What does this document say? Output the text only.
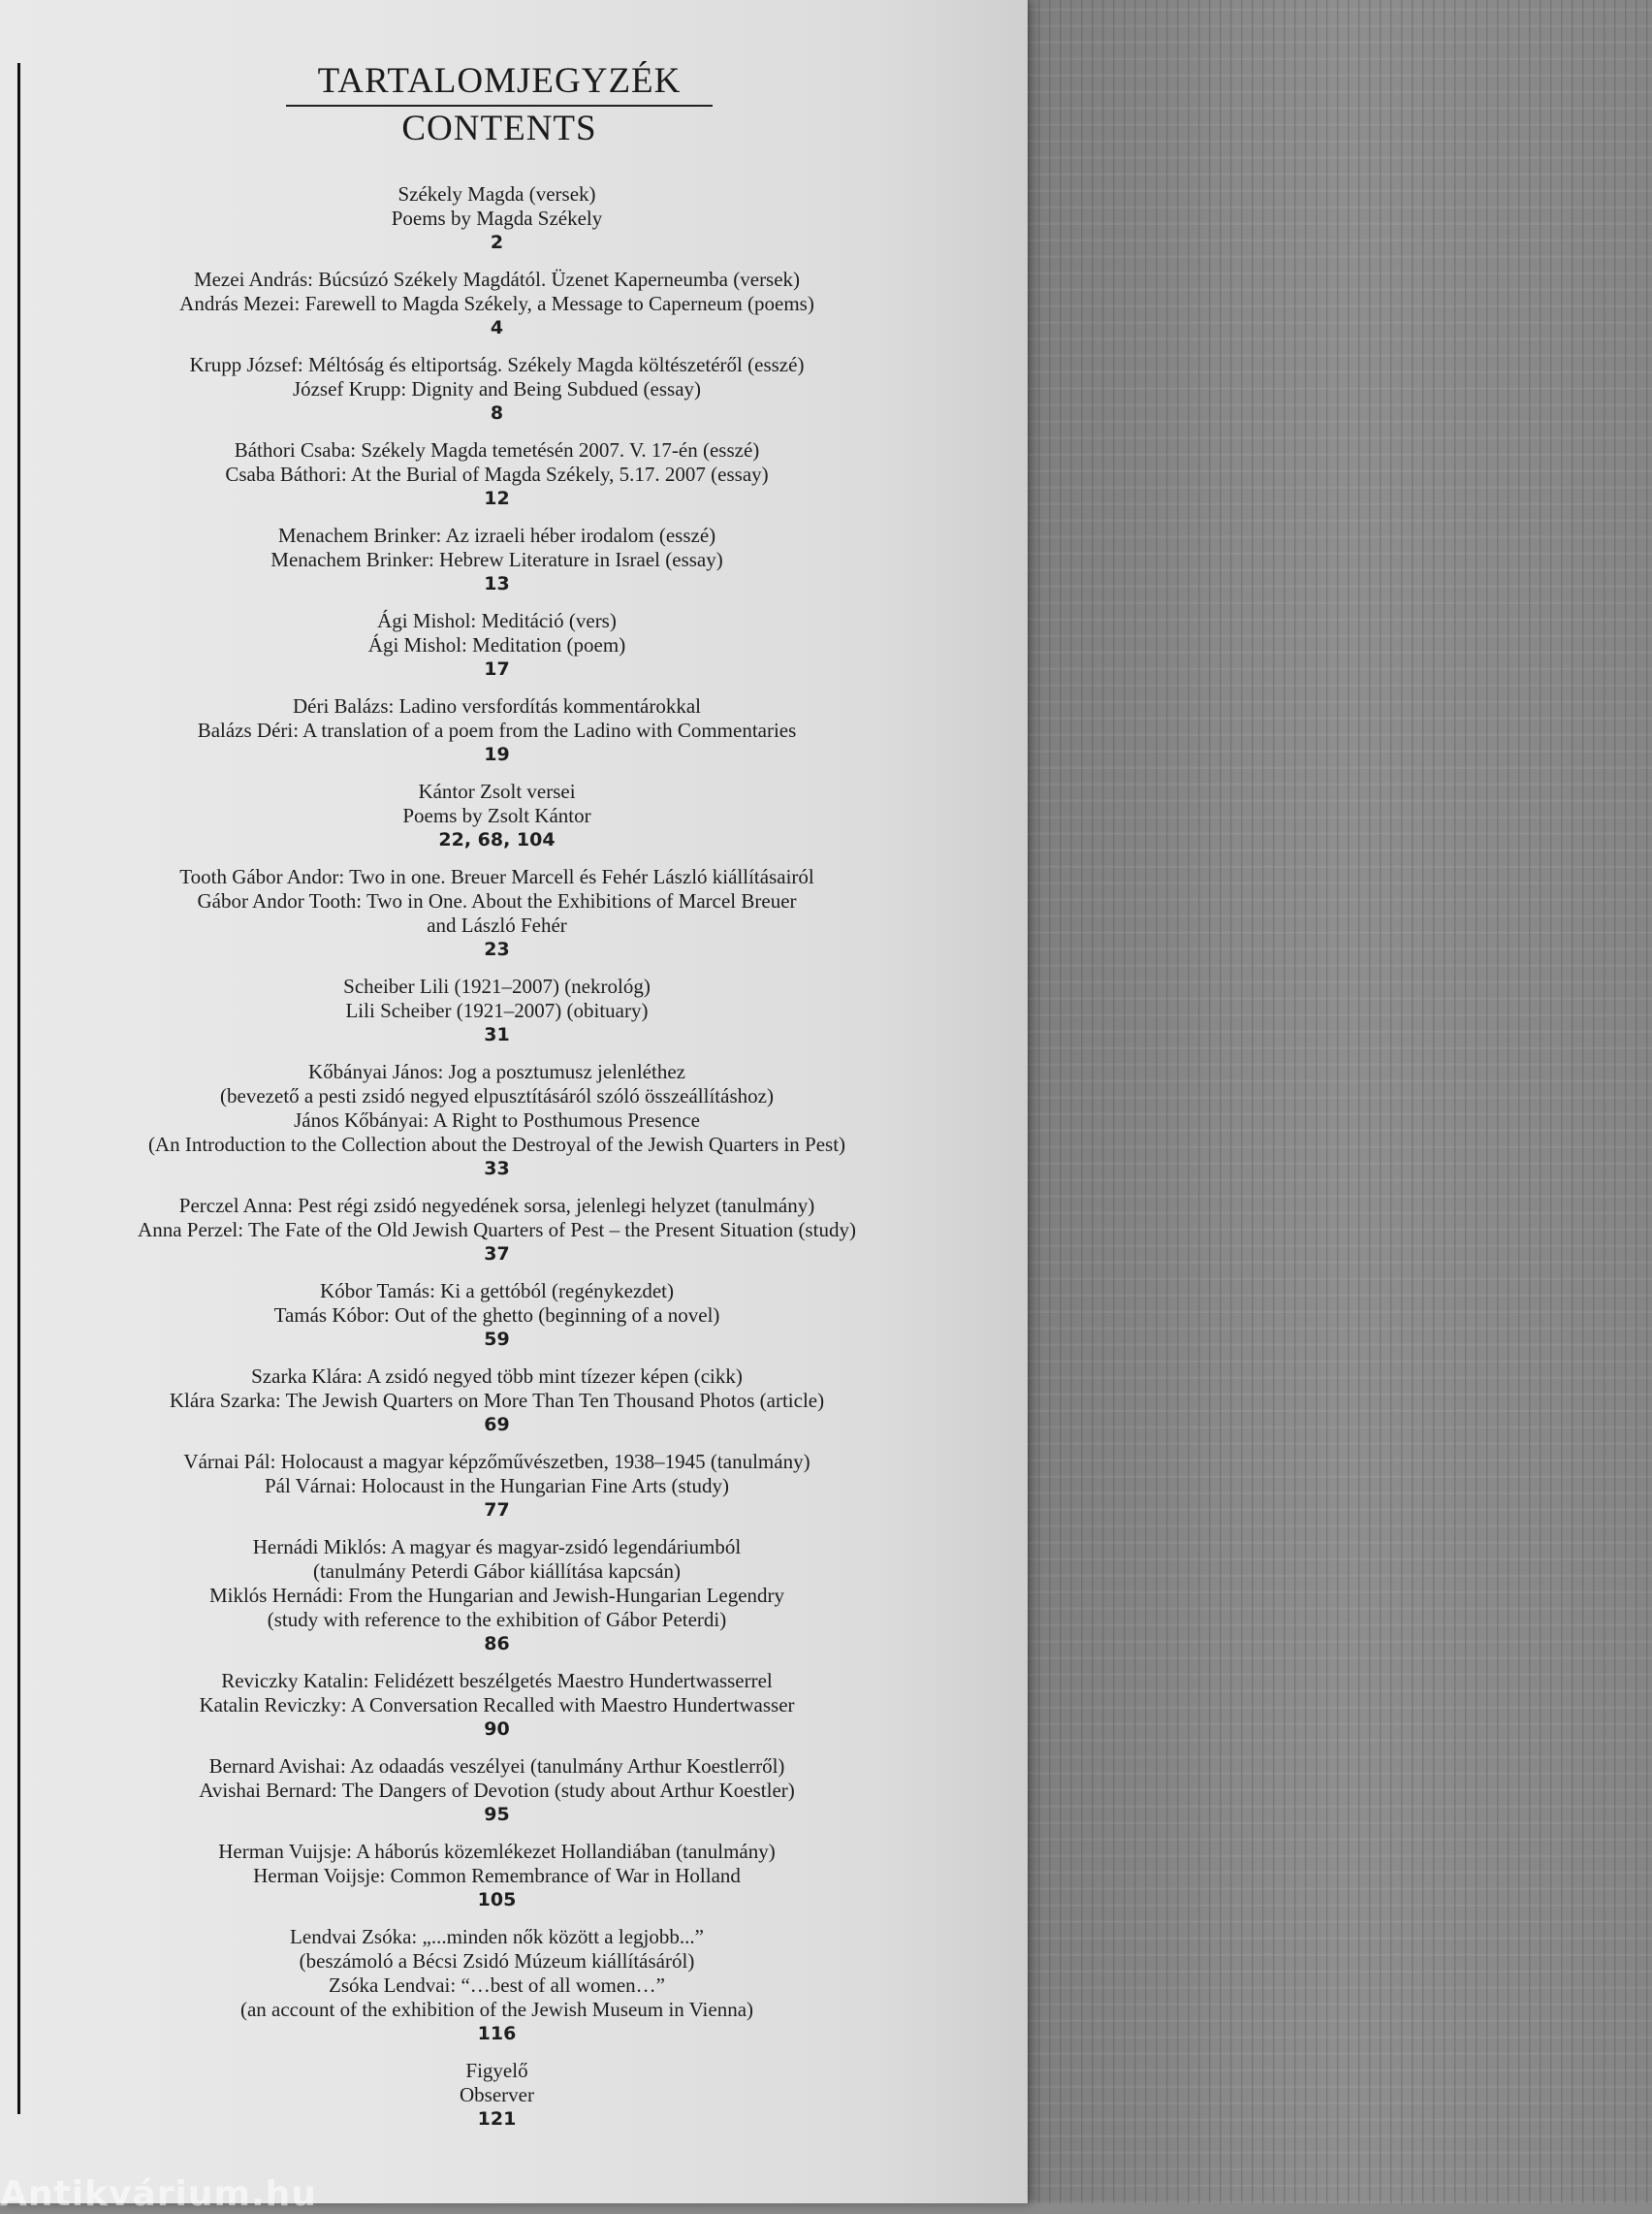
TARTALOMJEGYZÉK
CONTENTS
Székely Magda (versek)
Poems by Magda Székely
2
Mezei András: Búcsúzó Székely Magdától. Üzenet Kaperneumba (versek)
András Mezei: Farewell to Magda Székely, a Message to Caperneum (poems)
4
Krupp József: Méltóság és eltiportság. Székely Magda költészetéről (esszé)
József Krupp: Dignity and Being Subdued (essay)
8
Báthori Csaba: Székely Magda temetésén 2007. V. 17-én (esszé)
Csaba Báthori: At the Burial of Magda Székely, 5.17. 2007 (essay)
12
Menachem Brinker: Az izraeli héber irodalom (esszé)
Menachem Brinker: Hebrew Literature in Israel (essay)
13
Ági Mishol: Meditáció (vers)
Ági Mishol: Meditation (poem)
17
Déri Balázs: Ladino versfordítás kommentárokkal
Balázs Déri: A translation of a poem from the Ladino with Commentaries
19
Kántor Zsolt versei
Poems by Zsolt Kántor
22, 68, 104
Tooth Gábor Andor: Two in one. Breuer Marcell és Fehér László kiállításairól
Gábor Andor Tooth: Two in One. About the Exhibitions of Marcel Breuer
and László Fehér
23
Scheiber Lili (1921–2007) (nekrológ)
Lili Scheiber (1921–2007) (obituary)
31
Kőbányai János: Jog a posztumusz jelenléthez
(bevezető a pesti zsidó negyed elpusztításáról szóló összeállításhoz)
János Kőbányai: A Right to Posthumous Presence
(An Introduction to the Collection about the Destroyal of the Jewish Quarters in Pest)
33
Perczel Anna: Pest régi zsidó negyedének sorsa, jelenlegi helyzet (tanulmány)
Anna Perzel: The Fate of the Old Jewish Quarters of Pest – the Present Situation (study)
37
Kóbor Tamás: Ki a gettóból (regénykezdet)
Tamás Kóbor: Out of the ghetto (beginning of a novel)
59
Szarka Klára: A zsidó negyed több mint tízezer képen (cikk)
Klára Szarka: The Jewish Quarters on More Than Ten Thousand Photos (article)
69
Várnai Pál: Holocaust a magyar képzőművészetben, 1938–1945 (tanulmány)
Pál Várnai: Holocaust in the Hungarian Fine Arts (study)
77
Hernádi Miklós: A magyar és magyar-zsidó legendáriumból
(tanulmány Peterdi Gábor kiállítása kapcsán)
Miklós Hernádi: From the Hungarian and Jewish-Hungarian Legendry
(study with reference to the exhibition of Gábor Peterdi)
86
Reviczky Katalin: Felidézett beszélgetés Maestro Hundertwasserrel
Katalin Reviczky: A Conversation Recalled with Maestro Hundertwasser
90
Bernard Avishai: Az odaadás veszélyei (tanulmány Arthur Koestlerről)
Avishai Bernard: The Dangers of Devotion (study about Arthur Koestler)
95
Herman Vuijsje: A háborús közemlékezet Hollandiában (tanulmány)
Herman Voijsje: Common Remembrance of War in Holland
105
Lendvai Zsóka: „...minden nők között a legjobb...”
(beszámoló a Bécsi Zsidó Múzeum kiállításáról)
Zsóka Lendvai: “…best of all women…”
(an account of the exhibition of the Jewish Museum in Vienna)
116
Figyelő
Observer
121
Antikvárium.hu
